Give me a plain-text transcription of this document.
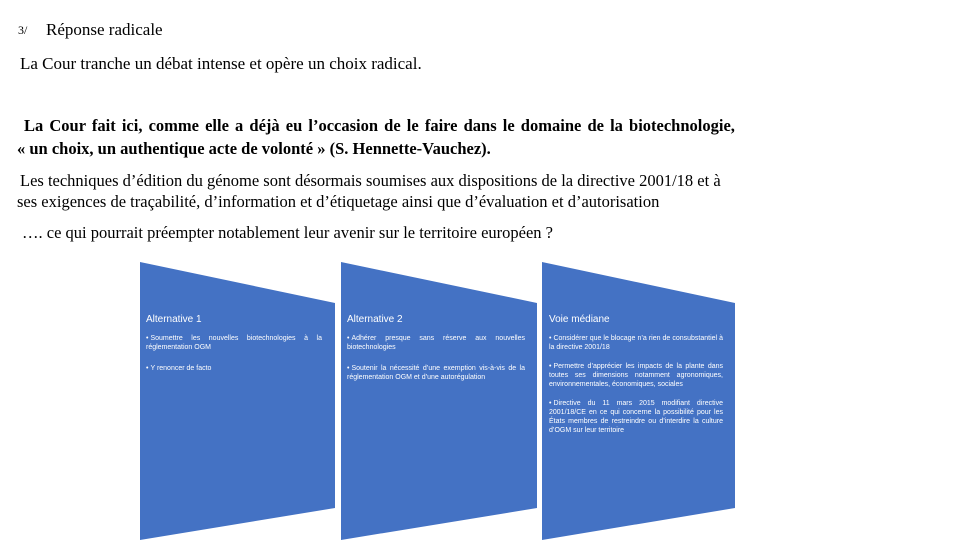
3/ Réponse radicale
La Cour tranche un débat intense et opère un choix radical.
La Cour fait ici, comme elle a déjà eu l’occasion de le faire dans le domaine de la biotechnologie,
« un choix, un authentique acte de volonté » (S. Hennette-Vauchez).
Les techniques d’édition du génome sont désormais soumises aux dispositions de la directive 2001/18 et à
ses exigences de traçabilité, d’information et d’étiquetage ainsi que d’évaluation et d’autorisation
…. ce qui pourrait préempter notablement leur avenir sur le territoire européen ?
Alternative 1
• Soumettre les nouvelles biotechnologies à la réglementation OGM
• Y renoncer de facto
Alternative 2
• Adhérer presque sans réserve aux nouvelles biotechnologies
• Soutenir la nécessité d’une exemption vis-à-vis de la réglementation OGM et d’une autorégulation
Voie médiane
• Considérer que le blocage n’a rien de consubstantiel à la directive 2001/18
• Permettre d’apprécier les impacts de la plante dans toutes ses dimensions notamment agronomiques, environnementales, économiques, sociales
• Directive du 11 mars 2015 modifiant directive 2001/18/CE en ce qui concerne la possibilité pour les États membres de restreindre ou d’interdire la culture d’OGM sur leur territoire
